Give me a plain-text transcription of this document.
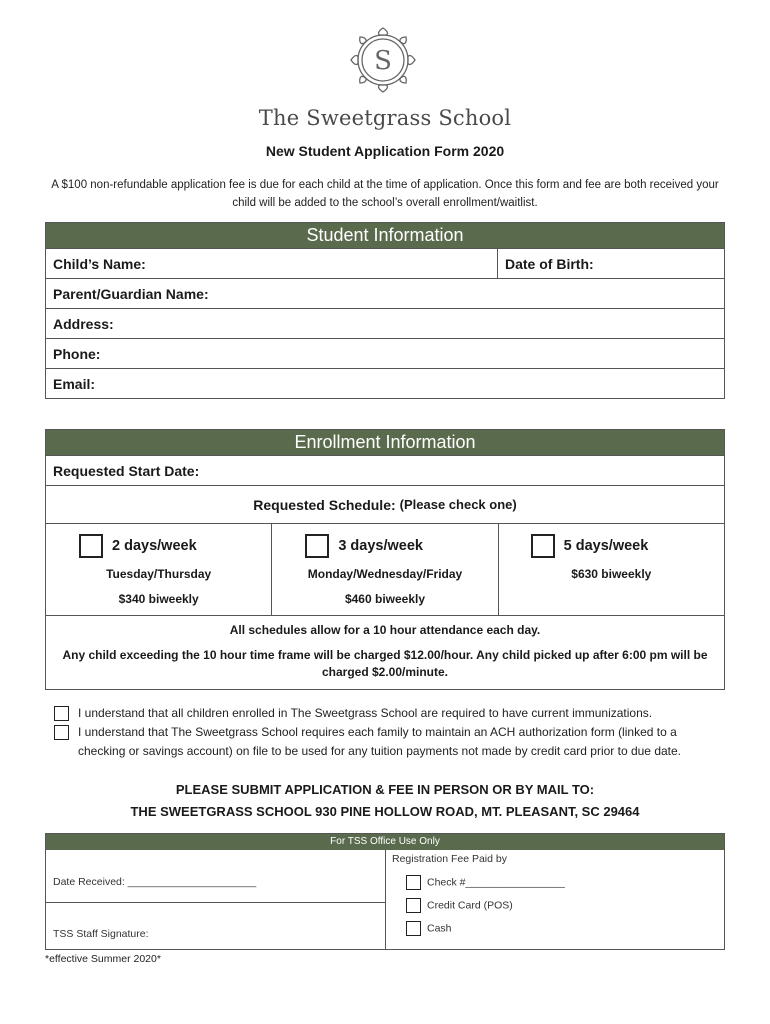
S
The Sweetgrass School
New Student Application Form 2020
A $100 non-refundable application fee is due for each child at the time of application. Once this form and fee are both received your child will be added to the school’s overall enrollment/waitlist.
Student Information
Child’s Name:	Date of Birth:
Parent/Guardian Name:
Address:
Phone:
Email:
Enrollment Information
Requested Start Date:
Requested Schedule: (Please check one)
2 days/week
Tuesday/Thursday
$340 biweekly
3 days/week
Monday/Wednesday/Friday
$460 biweekly
5 days/week
$630 biweekly

All schedules allow for a 10 hour attendance each day.

Any child exceeding the 10 hour time frame will be charged $12.00/hour. Any child picked up after 6:00 pm will be charged $2.00/minute.

I understand that all children enrolled in The Sweetgrass School are required to have current immunizations.
I understand that The Sweetgrass School requires each family to maintain an ACH authorization form (linked to a checking or savings account) on file to be used for any tuition payments not made by credit card prior to due date.
PLEASE SUBMIT APPLICATION & FEE IN PERSON OR BY MAIL TO:
THE SWEETGRASS SCHOOL 930 PINE HOLLOW ROAD, MT. PLEASANT, SC 29464
For TSS Office Use Only
Date Received: ______________________
TSS Staff Signature:
Registration Fee Paid by
Check #_________________
Credit Card (POS)
Cash
*effective Summer 2020*
